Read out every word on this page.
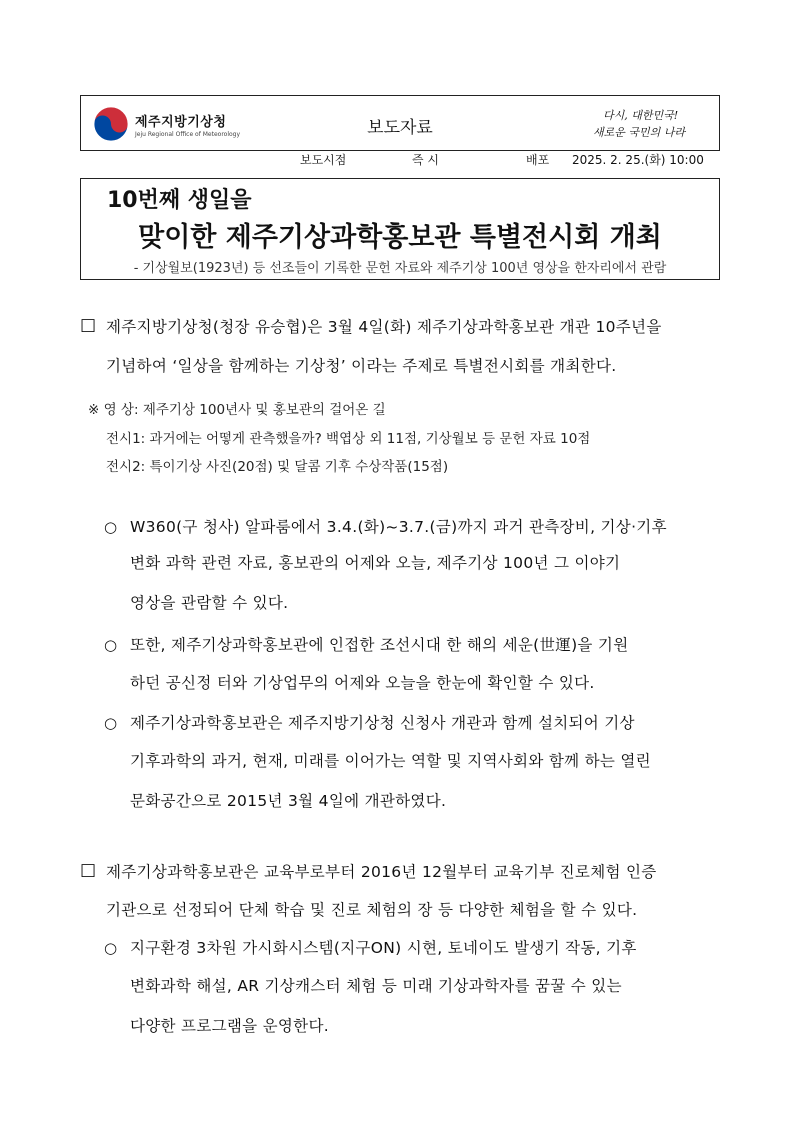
제주지방기상청
Jeju Regional Office of Meteorology	보도자료
다시, 대한민국!
새로운 국민의 나라
보도시점	즉 시	배포 2025. 2. 25.(화) 10:00
10번째 생일을
맞이한 제주기상과학홍보관 특별전시회 개최
- 기상월보(1923년) 등 선조들이 기록한 문헌 자료와 제주기상 100년 영상을 한자리에서 관람
□ 제주지방기상청(청장 유승협)은 3월 4일(화) 제주기상과학홍보관 개관 10주년을
기념하여 ‘일상을 함께하는 기상청’ 이라는 주제로 특별전시회를 개최한다.
※ 영 상: 제주기상 100년사 및 홍보관의 걸어온 길
전시1: 과거에는 어떻게 관측했을까? 백엽상 외 11점, 기상월보 등 문헌 자료 10점
전시2: 특이기상 사진(20점) 및 달콤 기후 수상작품(15점)
○ W360(구 청사) 알파룸에서 3.4.(화)~3.7.(금)까지 과거 관측장비, 기상·기후
변화 과학 관련 자료, 홍보관의 어제와 오늘, 제주기상 100년 그 이야기
영상을 관람할 수 있다.
○ 또한, 제주기상과학홍보관에 인접한 조선시대 한 해의 세운(世運)을 기원
하던 공신정 터와 기상업무의 어제와 오늘을 한눈에 확인할 수 있다.
○ 제주기상과학홍보관은 제주지방기상청 신청사 개관과 함께 설치되어 기상
기후과학의 과거, 현재, 미래를 이어가는 역할 및 지역사회와 함께 하는 열린
문화공간으로 2015년 3월 4일에 개관하였다.
□ 제주기상과학홍보관은 교육부로부터 2016년 12월부터 교육기부 진로체험 인증
기관으로 선정되어 단체 학습 및 진로 체험의 장 등 다양한 체험을 할 수 있다.
○ 지구환경 3차원 가시화시스템(지구ON) 시현, 토네이도 발생기 작동, 기후
변화과학 해설, AR 기상캐스터 체험 등 미래 기상과학자를 꿈꿀 수 있는
다양한 프로그램을 운영한다.
